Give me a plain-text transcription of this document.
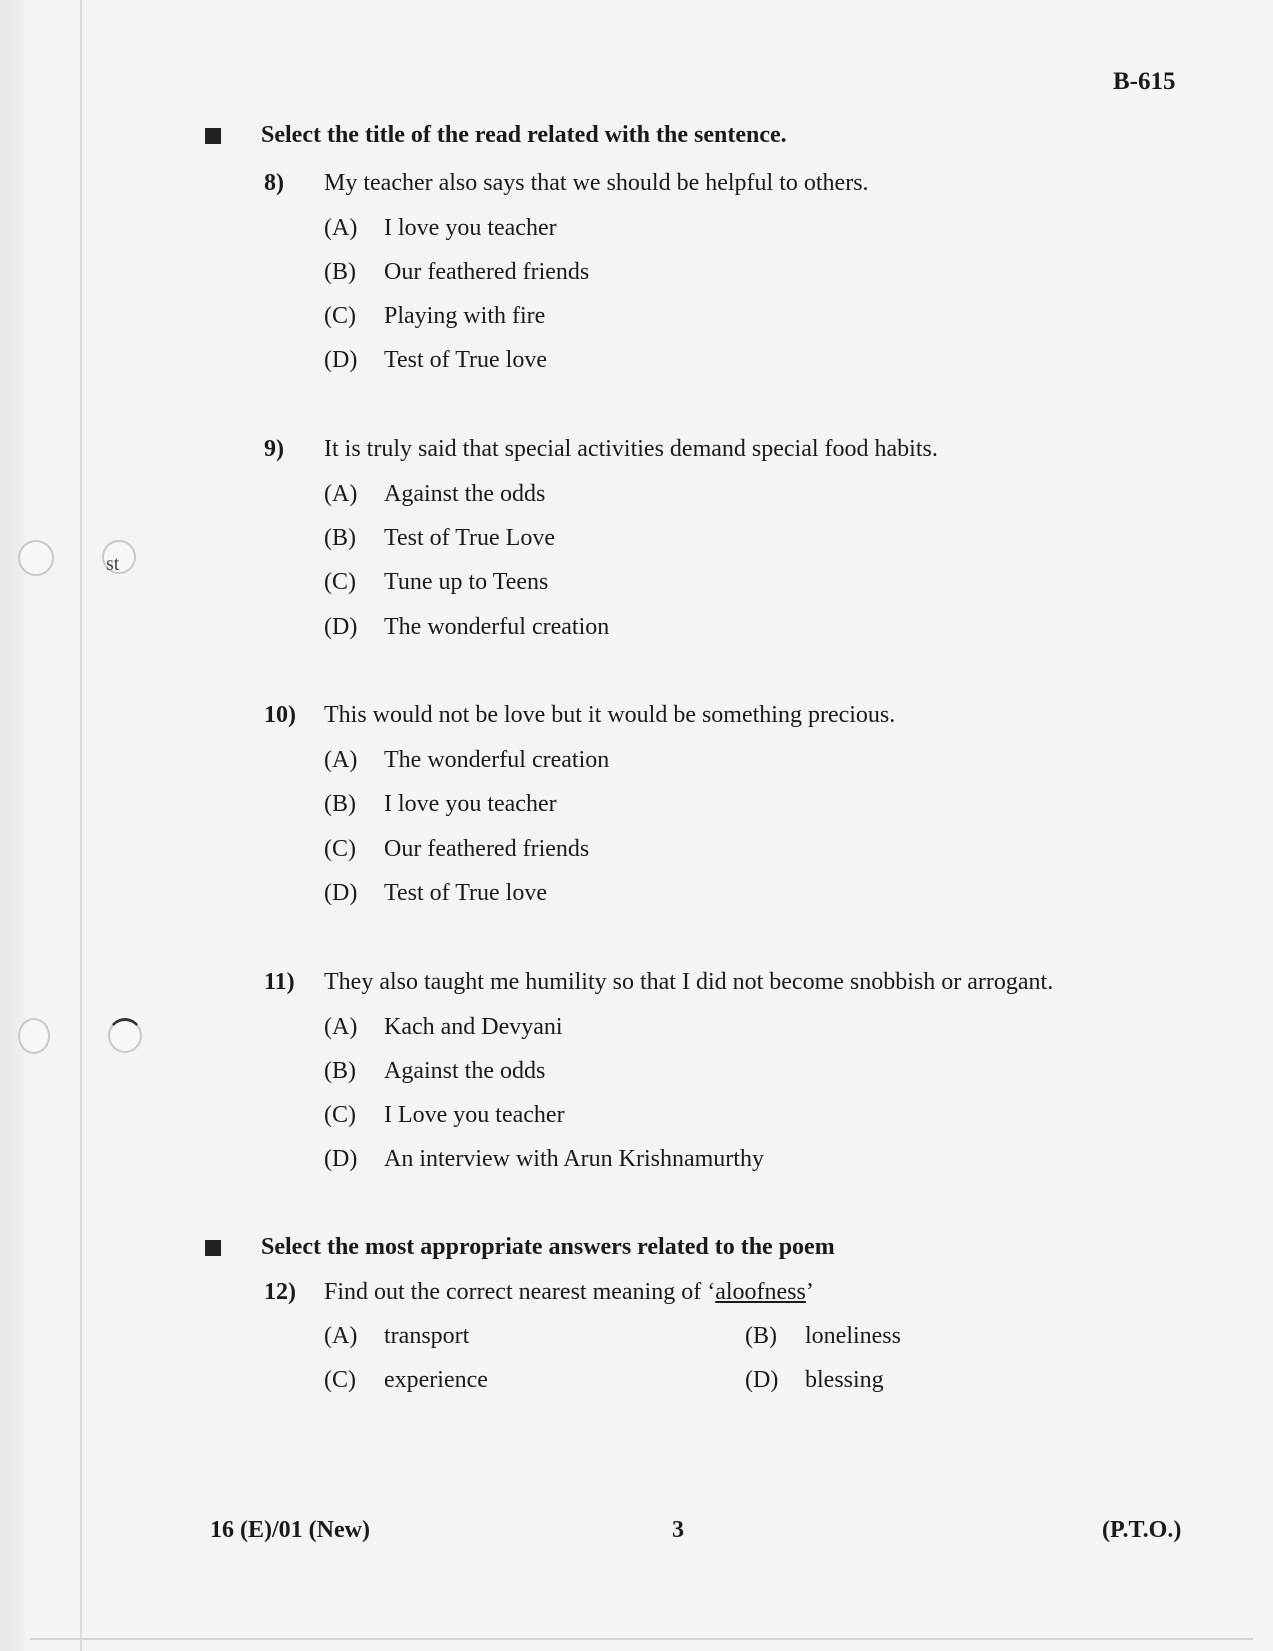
st
B-615
Select the title of the read related with the sentence.
8)	My teacher also says that we should be helpful to others.
(A)	I love you teacher
(B)	Our feathered friends
(C)	Playing with fire
(D)	Test of True love
9)	It is truly said that special activities demand special food habits.
(A)	Against the odds
(B)	Test of True Love
(C)	Tune up to Teens
(D)	The wonderful creation
10)	This would not be love but it would be something precious.
(A)	The wonderful creation
(B)	I love you teacher
(C)	Our feathered friends
(D)	Test of True love
11)	They also taught me humility so that I did not become snobbish or arrogant.
(A)	Kach and Devyani
(B)	Against the odds
(C)	I Love you teacher
(D)	An interview with Arun Krishnamurthy
Select the most appropriate answers related to the poem
12)	Find out the correct nearest meaning of ‘aloofness’
(A)	transport	(B)	loneliness
(C)	experience	(D)	blessing
16 (E)/01 (New)	3	(P.T.O.)
